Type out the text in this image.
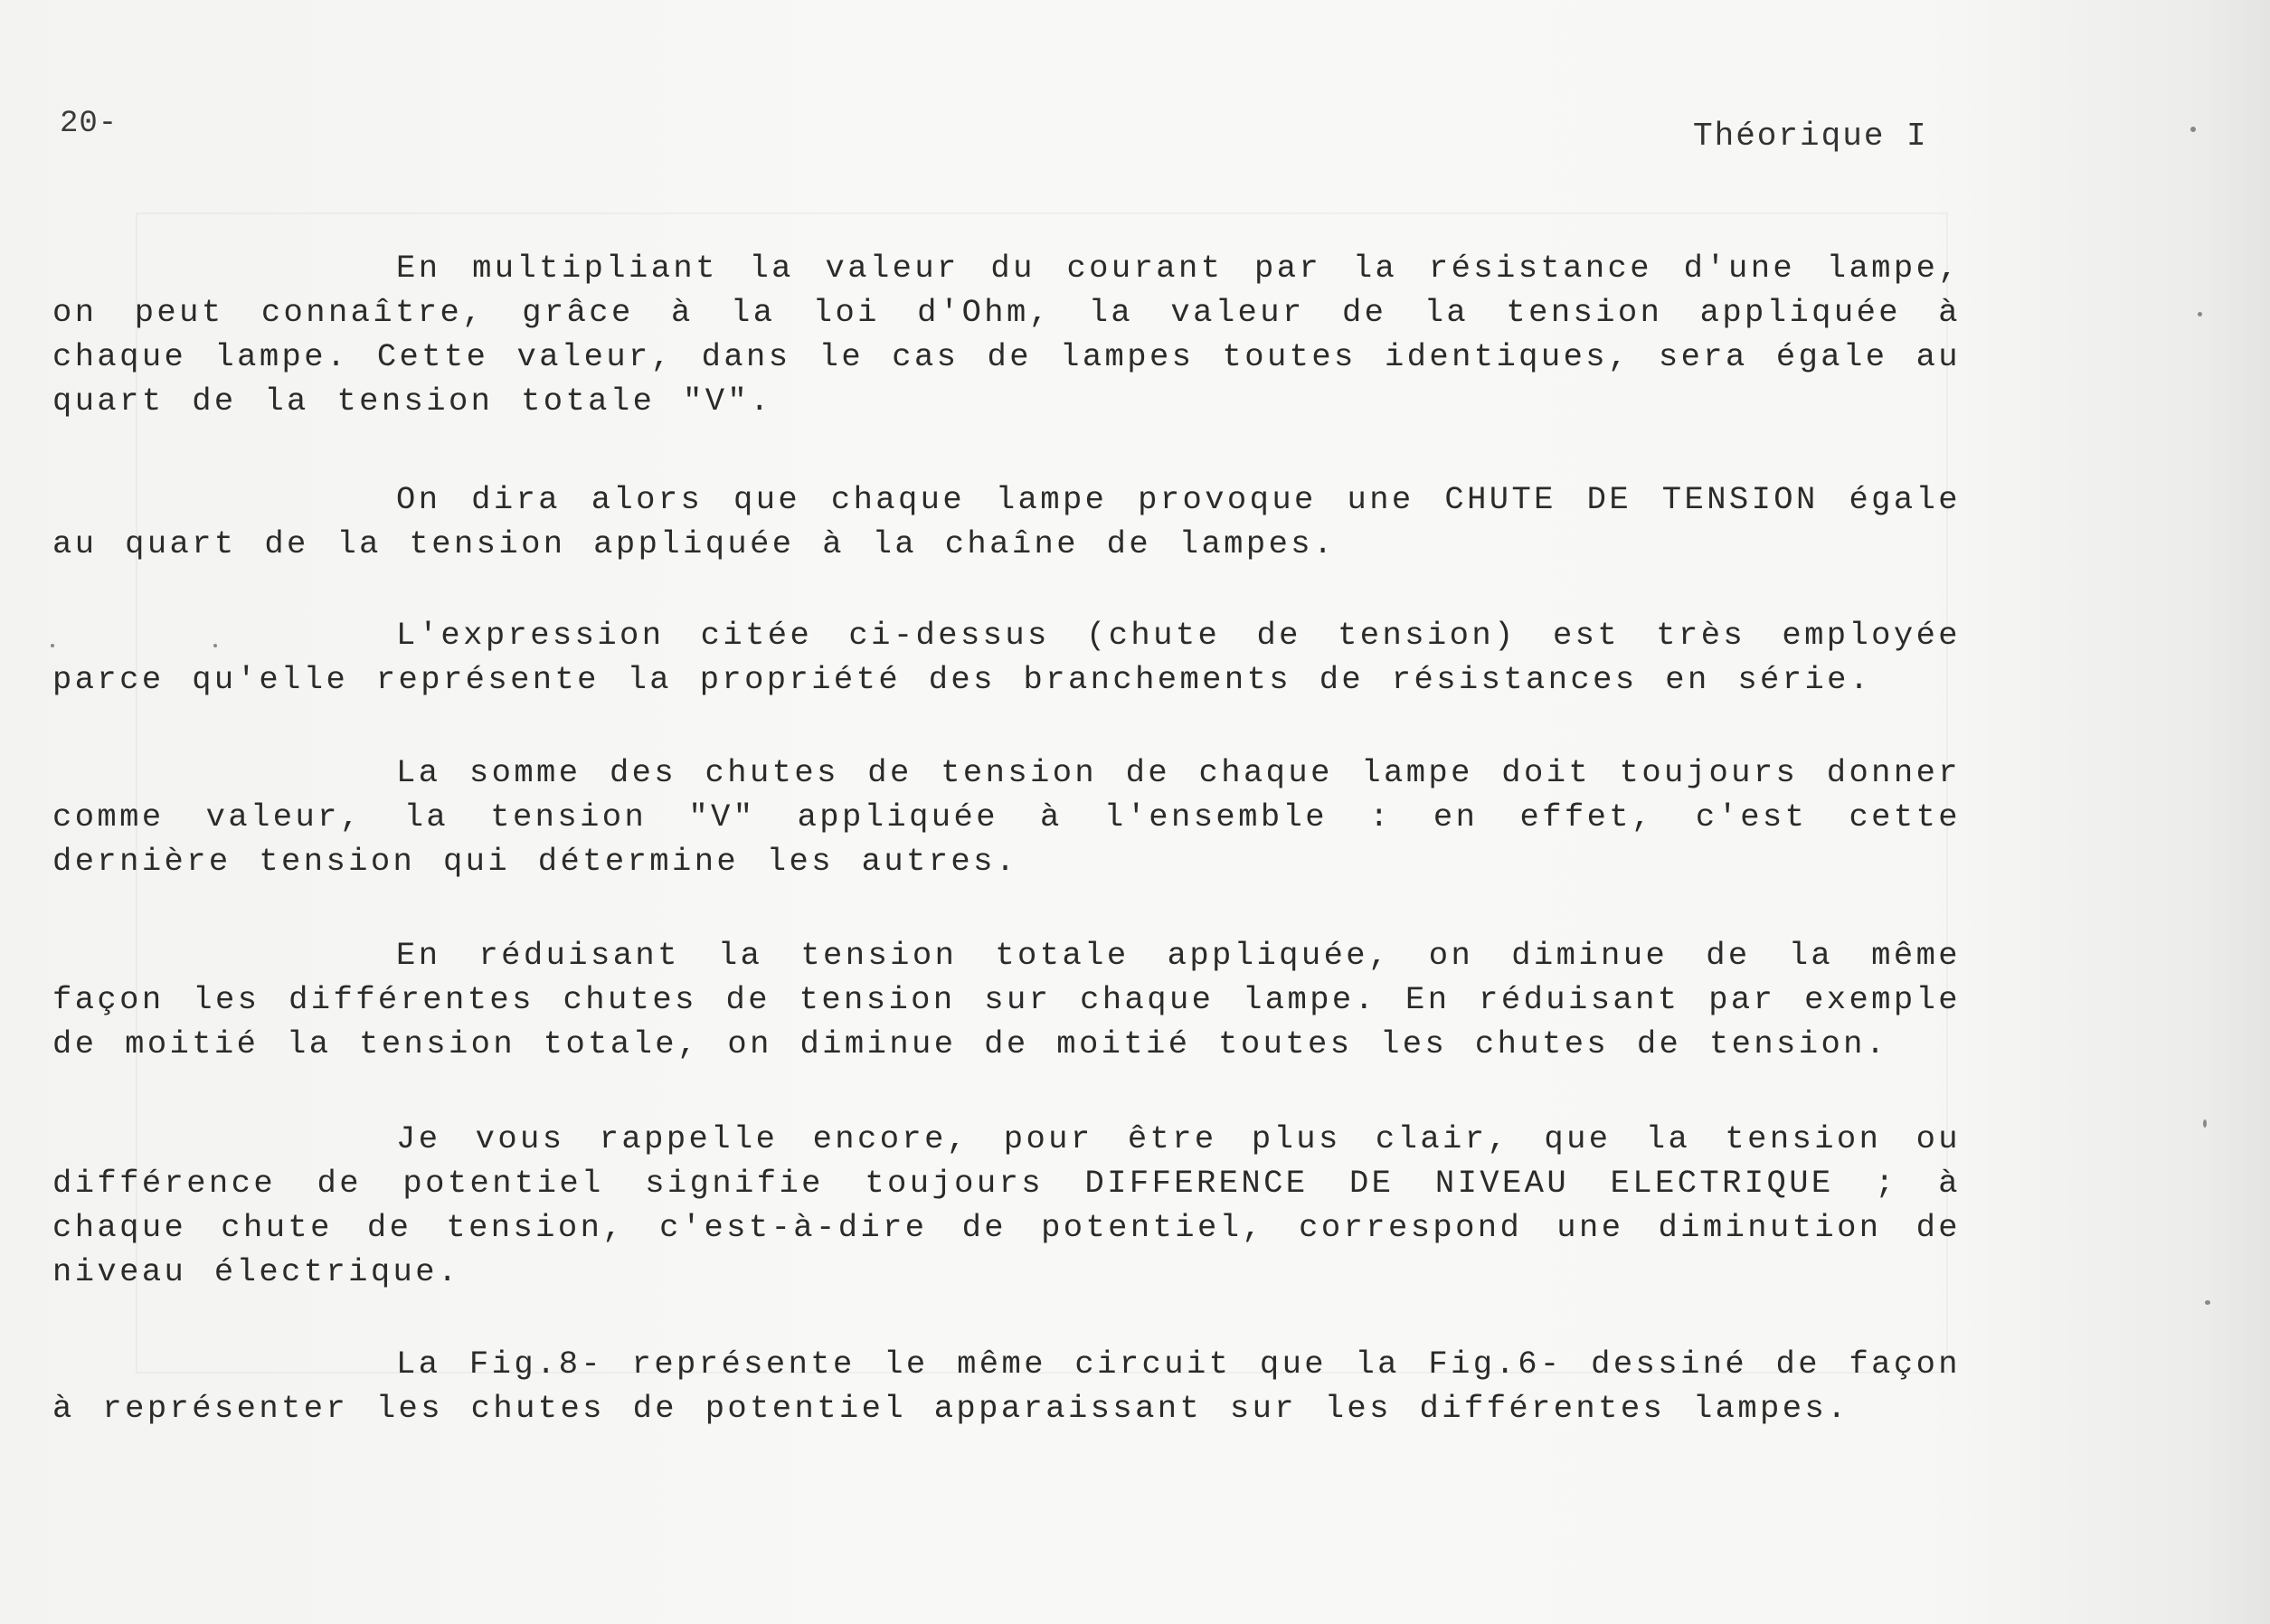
20-	Théorique I

En multipliant la valeur du courant par la résistance d'une lampe, on peut connaître, grâce à la loi d'Ohm, la valeur de la tension appliquée à chaque lampe. Cette valeur, dans le cas de lampes toutes identiques, sera égale au quart de la tension totale "V".

On dira alors que chaque lampe provoque une CHUTE DE TENSION égale au quart de la tension appliquée à la chaîne de lampes.

L'expression citée ci-dessus (chute de tension) est très employée parce qu'elle représente la propriété des branchements de résistances en série.

La somme des chutes de tension de chaque lampe doit toujours donner comme valeur, la tension "V" appliquée à l'ensemble : en effet, c'est cette dernière tension qui détermine les autres.

En réduisant la tension totale appliquée, on diminue de la même façon les différentes chutes de tension sur chaque lampe. En réduisant par exemple de moitié la tension totale, on diminue de moitié toutes les chutes de tension.

Je vous rappelle encore, pour être plus clair, que la tension ou différence de potentiel signifie toujours DIFFERENCE DE NIVEAU ELECTRIQUE ; à chaque chute de tension, c'est-à-dire de potentiel, correspond une diminution de niveau électrique.

La Fig.8- représente le même circuit que la Fig.6- dessiné de façon à représenter les chutes de potentiel apparaissant sur les différentes lampes.
